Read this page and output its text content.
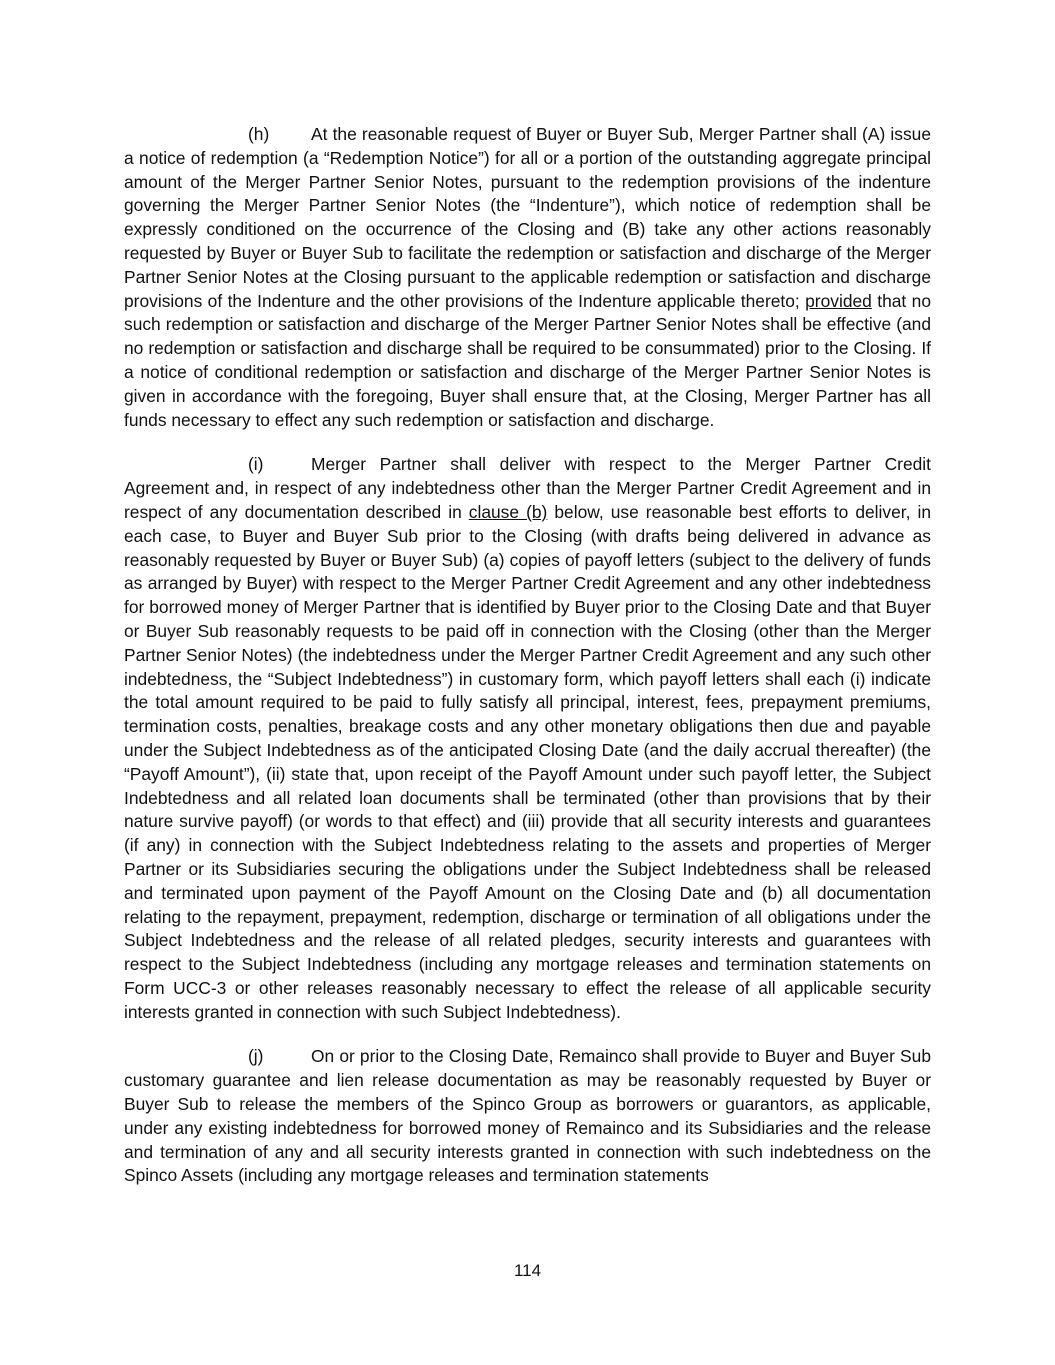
(h) At the reasonable request of Buyer or Buyer Sub, Merger Partner shall (A) issue a notice of redemption (a “Redemption Notice”) for all or a portion of the outstanding aggregate principal amount of the Merger Partner Senior Notes, pursuant to the redemption provisions of the indenture governing the Merger Partner Senior Notes (the “Indenture”), which notice of redemption shall be expressly conditioned on the occurrence of the Closing and (B) take any other actions reasonably requested by Buyer or Buyer Sub to facilitate the redemption or satisfaction and discharge of the Merger Partner Senior Notes at the Closing pursuant to the applicable redemption or satisfaction and discharge provisions of the Indenture and the other provisions of the Indenture applicable thereto; provided that no such redemption or satisfaction and discharge of the Merger Partner Senior Notes shall be effective (and no redemption or satisfaction and discharge shall be required to be consummated) prior to the Closing. If a notice of conditional redemption or satisfaction and discharge of the Merger Partner Senior Notes is given in accordance with the foregoing, Buyer shall ensure that, at the Closing, Merger Partner has all funds necessary to effect any such redemption or satisfaction and discharge.

(i)	Merger Partner shall deliver with respect to the Merger Partner Credit Agreement and, in respect of any indebtedness other than the Merger Partner Credit Agreement and in respect of any documentation described in clause (b) below, use reasonable best efforts to deliver, in each case, to Buyer and Buyer Sub prior to the Closing (with drafts being delivered in advance as reasonably requested by Buyer or Buyer Sub) (a) copies of payoff letters (subject to the delivery of funds as arranged by Buyer) with respect to the Merger Partner Credit Agreement and any other indebtedness for borrowed money of Merger Partner that is identified by Buyer prior to the Closing Date and that Buyer or Buyer Sub reasonably requests to be paid off in connection with the Closing (other than the Merger Partner Senior Notes) (the indebtedness under the Merger Partner Credit Agreement and any such other indebtedness, the “Subject Indebtedness”) in customary form, which payoff letters shall each (i) indicate the total amount required to be paid to fully satisfy all principal, interest, fees, prepayment premiums, termination costs, penalties, breakage costs and any other monetary obligations then due and payable under the Subject Indebtedness as of the anticipated Closing Date (and the daily accrual thereafter) (the “Payoff Amount”), (ii) state that, upon receipt of the Payoff Amount under such payoff letter, the Subject Indebtedness and all related loan documents shall be terminated (other than provisions that by their nature survive payoff) (or words to that effect) and (iii) provide that all security interests and guarantees (if any) in connection with the Subject Indebtedness relating to the assets and properties of Merger Partner or its Subsidiaries securing the obligations under the Subject Indebtedness shall be released and terminated upon payment of the Payoff Amount on the Closing Date and (b) all documentation relating to the repayment, prepayment, redemption, discharge or termination of all obligations under the Subject Indebtedness and the release of all related pledges, security interests and guarantees with respect to the Subject Indebtedness (including any mortgage releases and termination statements on Form UCC-3 or other releases reasonably necessary to effect the release of all applicable security interests granted in connection with such Subject Indebtedness).

(j)	On or prior to the Closing Date, Remainco shall provide to Buyer and Buyer Sub customary guarantee and lien release documentation as may be reasonably requested by Buyer or Buyer Sub to release the members of the Spinco Group as borrowers or guarantors, as applicable, under any existing indebtedness for borrowed money of Remainco and its Subsidiaries and the release and termination of any and all security interests granted in connection with such indebtedness on the Spinco Assets (including any mortgage releases and termination statements

114
